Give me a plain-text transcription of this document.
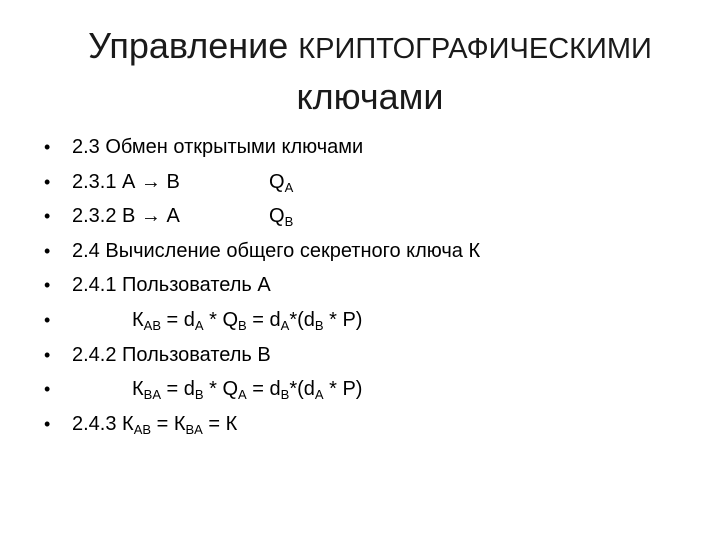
Управление КРИПТОГРАФИЧЕСКИМИ
ключами
• 2.3 Обмен открытыми ключами
• 2.3.1 А → В	$Q_A$
• 2.3.2 В → А	$Q_B$
• 2.4 Вычисление общего секретного ключа К
• 2.4.1 Пользователь А
•	$К_{AB} = d_A * Q_B = d_A*(d_B * P)$
• 2.4.2 Пользователь В
•	$К_{BA} = d_B * Q_A = d_B*(d_A * P)$
• 2.4.3 $К_{AB} = К_{BA} = К$
